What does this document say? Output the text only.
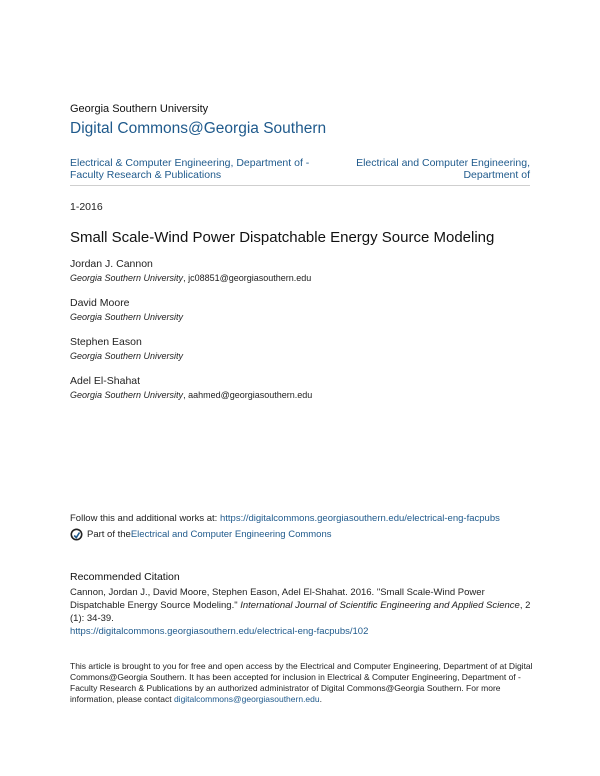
Georgia Southern University
Digital Commons@Georgia Southern
Electrical & Computer Engineering, Department of - Faculty Research & Publications
Electrical and Computer Engineering, Department of
1-2016
Small Scale-Wind Power Dispatchable Energy Source Modeling
Jordan J. Cannon
Georgia Southern University, jc08851@georgiasouthern.edu
David Moore
Georgia Southern University
Stephen Eason
Georgia Southern University
Adel El-Shahat
Georgia Southern University, aahmed@georgiasouthern.edu
Follow this and additional works at: https://digitalcommons.georgiasouthern.edu/electrical-eng-facpubs
Part of the Electrical and Computer Engineering Commons
Recommended Citation
Cannon, Jordan J., David Moore, Stephen Eason, Adel El-Shahat. 2016. "Small Scale-Wind Power Dispatchable Energy Source Modeling." International Journal of Scientific Engineering and Applied Science, 2 (1): 34-39.
https://digitalcommons.georgiasouthern.edu/electrical-eng-facpubs/102
This article is brought to you for free and open access by the Electrical and Computer Engineering, Department of at Digital Commons@Georgia Southern. It has been accepted for inclusion in Electrical & Computer Engineering, Department of - Faculty Research & Publications by an authorized administrator of Digital Commons@Georgia Southern. For more information, please contact digitalcommons@georgiasouthern.edu.
